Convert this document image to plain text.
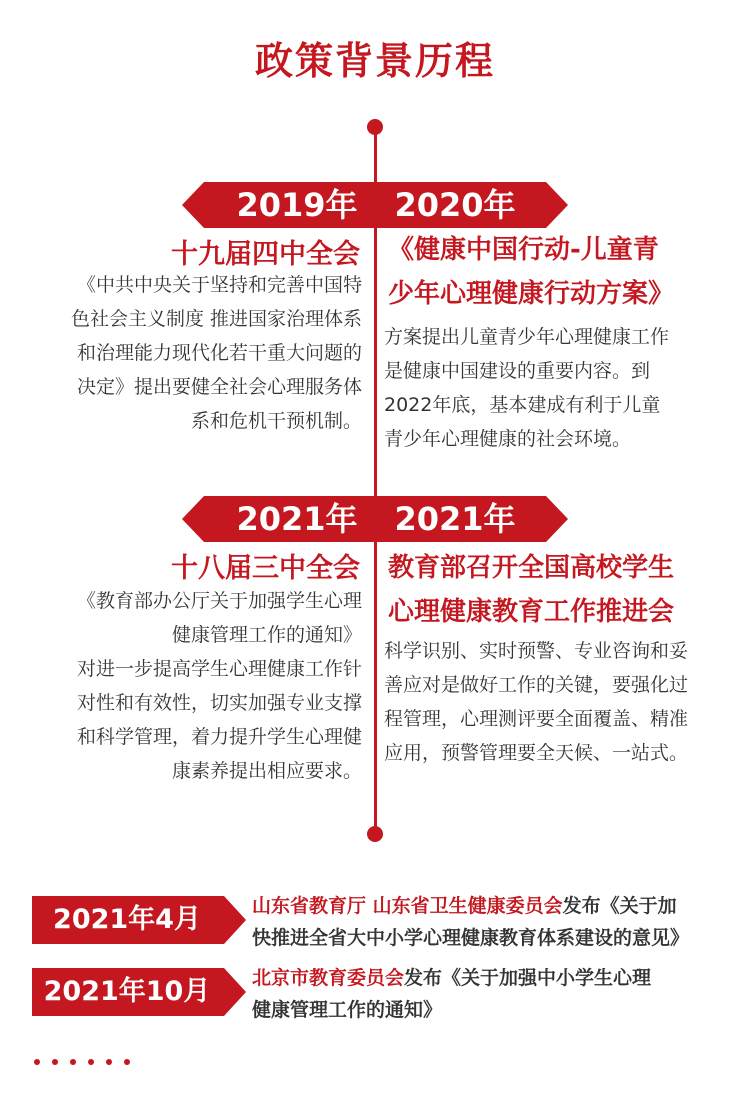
政策背景历程
2019年	2020年
十九届四中全会
《中共中央关于坚持和完善中国特
色社会主义制度 推进国家治理体系
和治理能力现代化若干重大问题的
决定》提出要健全社会心理服务体
系和危机干预机制。
《健康中国行动-儿童青
少年心理健康行动方案》
方案提出儿童青少年心理健康工作
是健康中国建设的重要内容。到
2022年底，基本建成有利于儿童
青少年心理健康的社会环境。
2021年	2021年
十八届三中全会
《教育部办公厅关于加强学生心理
健康管理工作的通知》
对进一步提高学生心理健康工作针
对性和有效性，切实加强专业支撑
和科学管理，着力提升学生心理健
康素养提出相应要求。
教育部召开全国高校学生
心理健康教育工作推进会
科学识别、实时预警、专业咨询和妥
善应对是做好工作的关键，要强化过
程管理，心理测评要全面覆盖、精准
应用，预警管理要全天候、一站式。
2021年4月	山东省教育厅 山东省卫生健康委员会发布《关于加
快推进全省大中小学心理健康教育体系建设的意见》
2021年10月	北京市教育委员会发布《关于加强中小学生心理
健康管理工作的通知》
